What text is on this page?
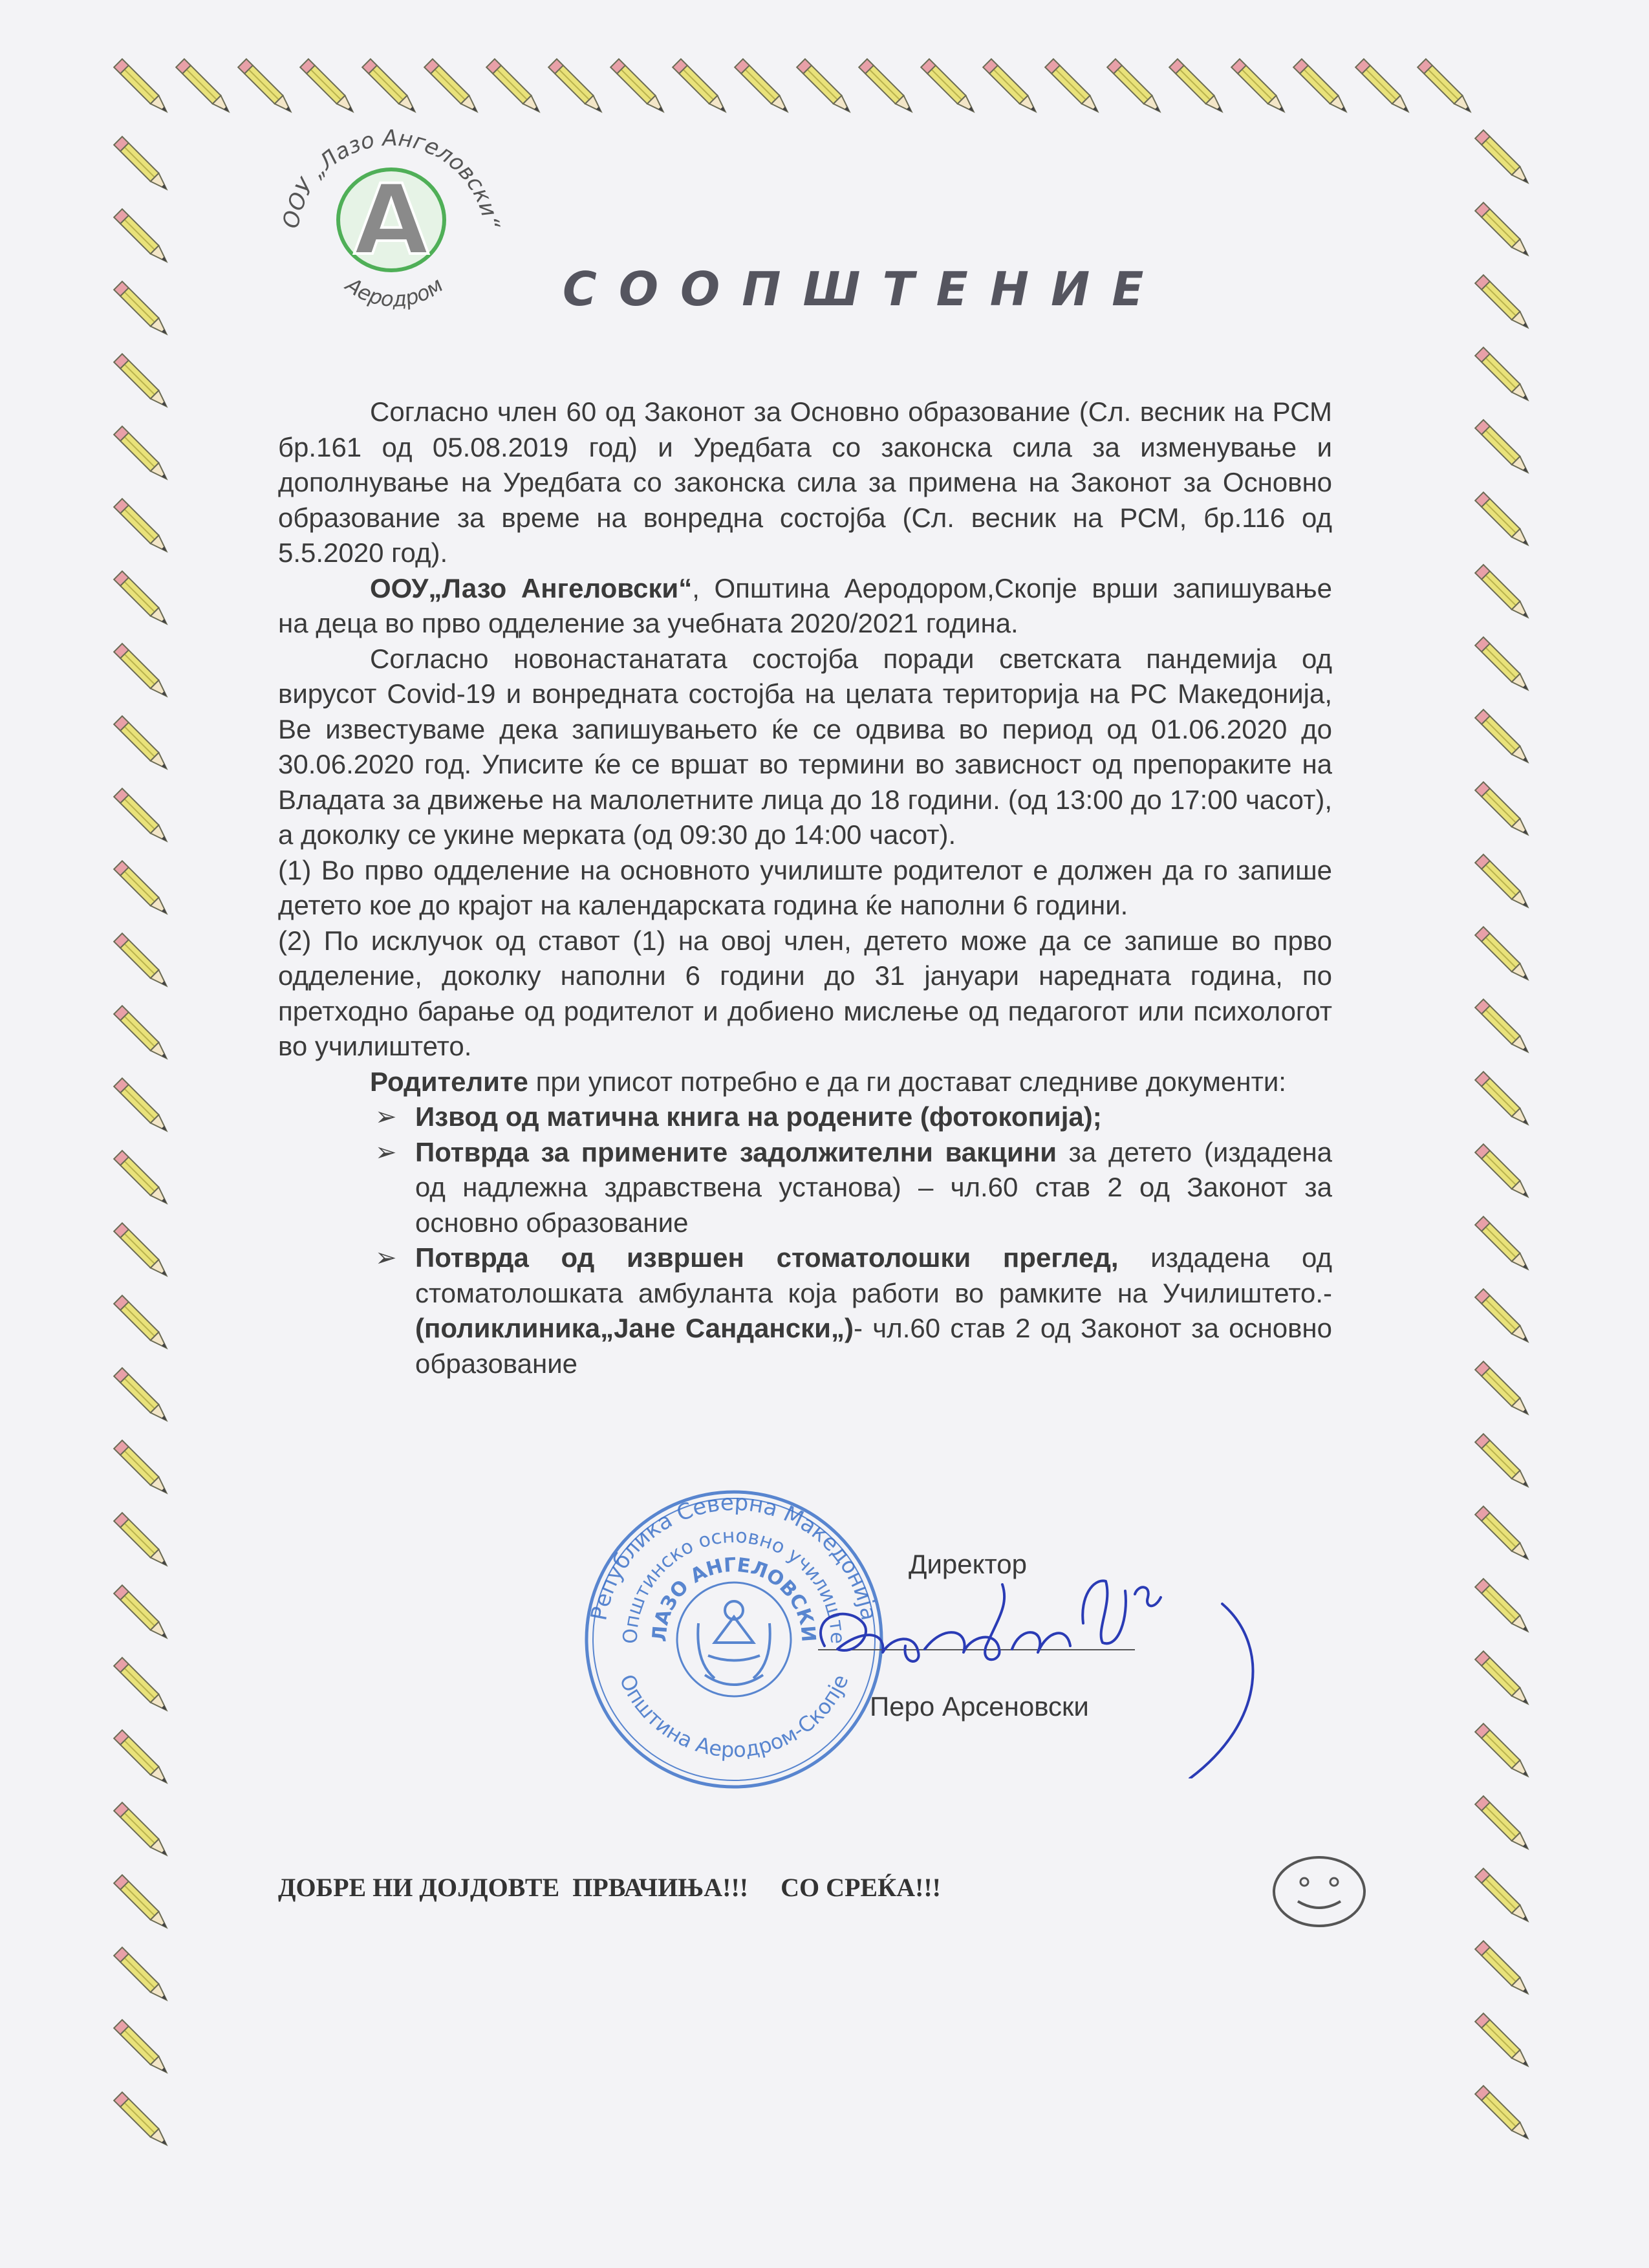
А
ООУ „Лазо Ангеловски“
Аеродром СООПШТЕНИЕ

Согласно член 60 од Законот за Основно образование (Сл. весник на РСМ бр.161 од 05.08.2019 год) и Уредбата со законска сила за изменување и дополнување на Уредбата со законска сила за примена на Законот за Основно образование за време на вонредна состојба (Сл. весник на РСМ, бр.116 од 5.5.2020 год).

ООУ„Лазо Ангеловски“, Општина Аеродором,Скопје врши запишување на деца во прво одделение за учебната 2020/2021 година.

Согласно новонастанатата состојба поради светската пандемија од вирусот Covid-19 и вонредната состојба на целата територија на РС Македонија, Ве известуваме дека запишувањето ќе се одвива во период од 01.06.2020 до 30.06.2020 год. Уписите ќе се вршат во термини во зависност од препораките на Владата за движење на малолетните лица до 18 години. (од 13:00 до 17:00 часот), а доколку се укине мерката (од 09:30 до 14:00 часот).

(1) Во прво одделение на основното училиште родителот е должен да го запише детето кое до крајот на календарската година ќе наполни 6 години.

(2) По исклучок од ставот (1) на овој член, детето може да се запише во прво одделение, доколку наполни 6 години до 31 јануари наредната година, по претходно барање од родителот и добиено мислење од педагогот или психологот во училиштето.

Родителите при уписот потребно е да ги достават следниве документи:

➢ Извод од матична книга на родените (фотокопија);
➢ Потврда за примените задолжителни вакцини за детето (издадена од надлежна здравствена установа) – чл.60 став 2 од Законот за основно образование
➢ Потврда од извршен стоматолошки преглед, издадена од стоматолошката амбуланта која работи во рамките на Училиштето.- (поликлиника„Јане Сандански„)- чл.60 став 2 од Законот за основно образование
Република Северна Македонија
Општинско основно училиште
ЛАЗО АНГЕЛОВСКИ
Општина Аеродром-Скопје
Директор
Перо Арсеновски
ДОБРЕ НИ ДОЈДОВТЕ  ПРВАЧИЊА!!!     СО СРЕЌА!!!
